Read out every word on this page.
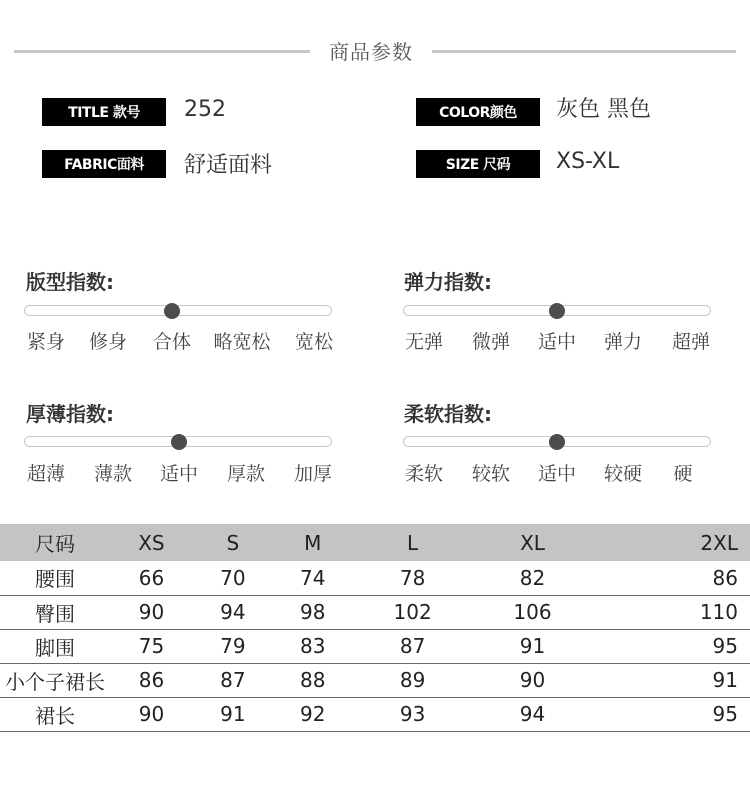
商品参数
TITLE 款号	252	COLOR颜色	灰色 黑色
FABRIC面料	舒适面料	SIZE 尺码	XS-XL
版型指数:
紧身 修身 合体 略宽松 宽松
弹力指数:
无弹 微弹 适中 弹力 超弹
厚薄指数:
超薄 薄款 适中 厚款 加厚
柔软指数:
柔软 较软 适中 较硬 硬
尺码	XS	S	M	L	XL	2XL
腰围	66	70	74	78	82	86
臀围	90	94	98	102	106	110
脚围	75	79	83	87	91	95
小个子裙长	86	87	88	89	90	91
裙长	90	91	92	93	94	95
